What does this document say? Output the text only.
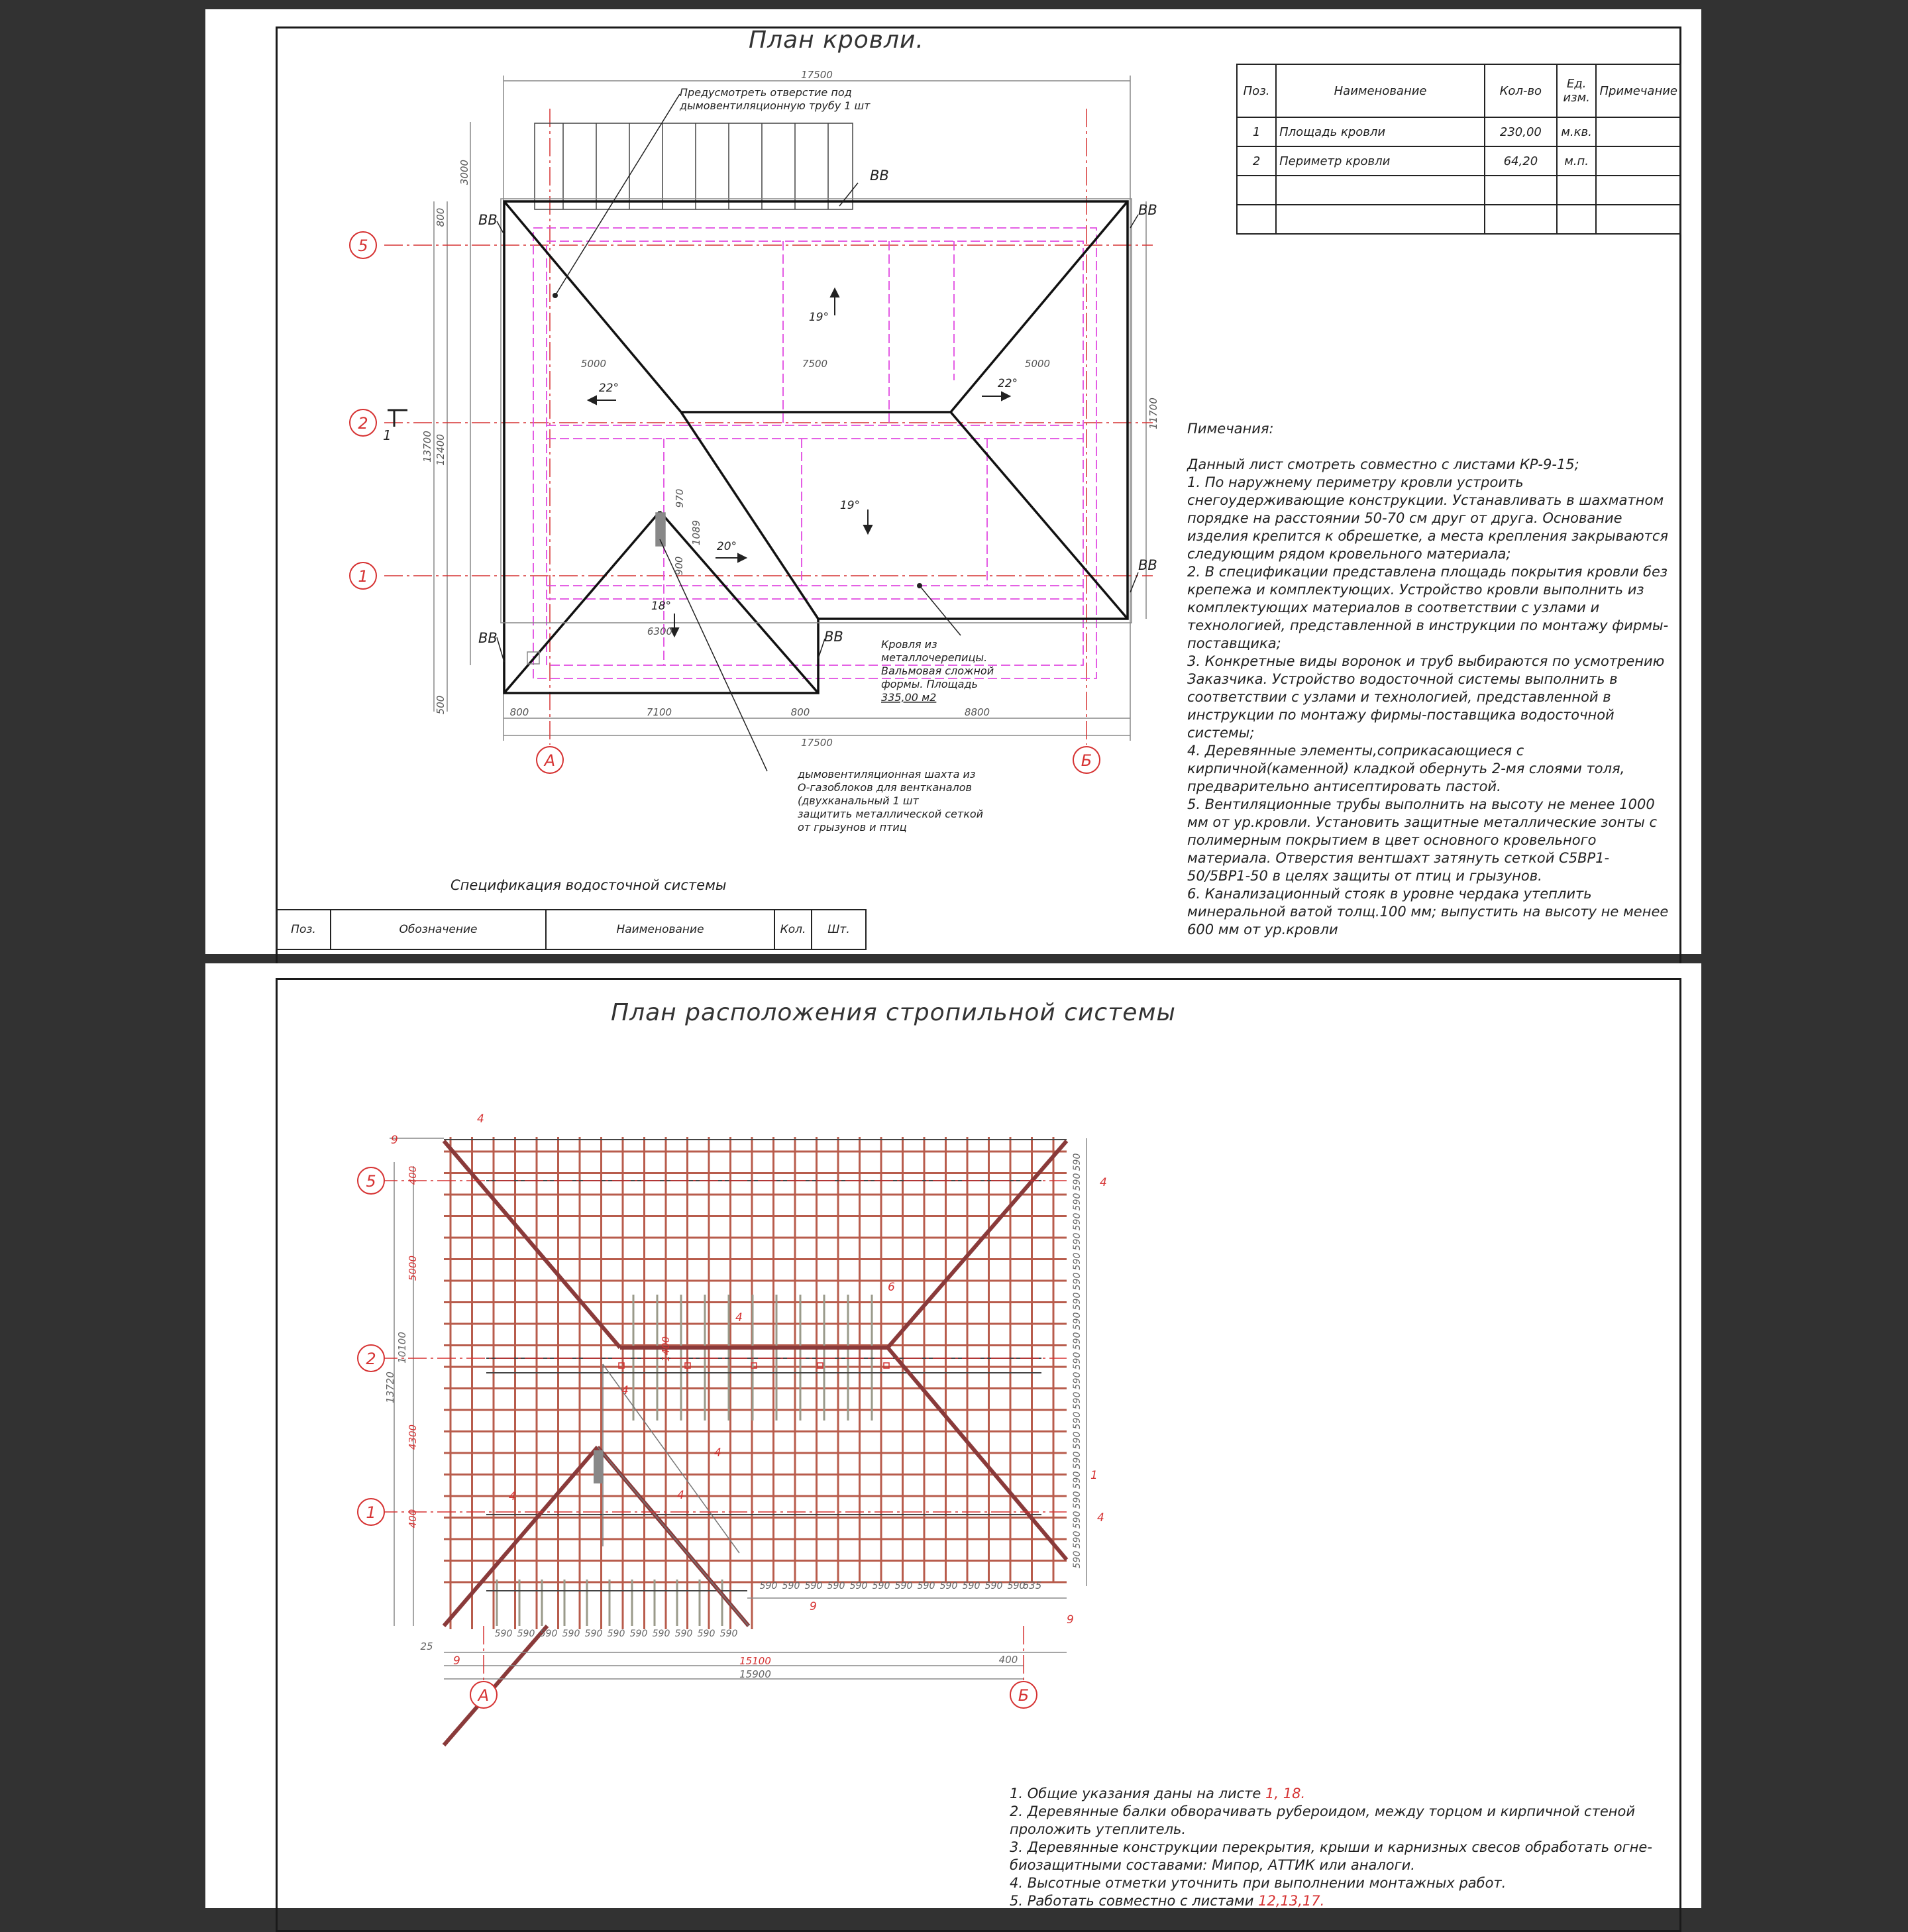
План кровли.
5
2
1
А	Б
1
17500
17500
800	7100	800	8800
5000	7500	5000
6300
3000
800
13700 12400
500
11700
970
1089
900
19°
22°	22°
19°
20°
18°
ВВ
ВВ
ВВ
ВВ
ВВ	ВВ	Кровля из
металлочерепицы.
Вальмовая сложной
формы. Площадь
335,00 м2
дымовентиляционная шахта из
О-газоблоков для вентканалов
(двухканальный 1 шт
защитить металлической сеткой
от грызунов и птиц
Предусмотреть отверстие под дымовентиляционную трубу 1 шт
Поз.	Наименование	Кол-во	Ед. изм.	Примечание
1	Площадь кровли	230,00	м.кв.	
2	Периметр кровли	64,20	м.п.	

Пимечания:

Данный лист смотреть совместно с листами КР-9-15;

1. По наружнему периметру кровли устроить снегоудерживающие конструкции. Устанавливать в шахматном порядке на расстоянии 50-70 см друг от друга. Основание изделия крепится к обрешетке, а места крепления закрываются следующим рядом кровельного материала;

2. В спецификации представлена площадь покрытия кровли без крепежа и комплектующих. Устройство кровли выполнить из комплектующих материалов в соответствии с узлами и технологией, представленной в инструкции по монтажу фирмы-поставщика;

3. Конкретные виды воронок и труб выбираются по усмотрению Заказчика. Устройство водосточной системы выполнить в соответствии с узлами и технологией, представленной в инструкции по монтажу фирмы-поставщика водосточной системы;

4. Деревянные элементы,соприкасающиеся с кирпичной(каменной) кладкой обернуть 2-мя слоями толя, предварительно антисептировать пастой.

5. Вентиляционные трубы выполнить на высоту не менее 1000 мм от ур.кровли. Установить защитные металлические зонты с полимерным покрытием в цвет основного кровельного материала. Отверстия вентшахт затянуть сеткой С5ВР1-50/5ВР1-50 в целях защиты от птиц и грызунов.

6. Канализационный стояк в уровне чердака утеплить минеральной ватой толщ.100 мм; выпустить на высоту не менее 600 мм от ур.кровли

Спецификация водосточной системы
Поз.	Обозначение	Наименование	Кол.	Шт.
План расположения стропильной системы
5
2
1
А	Б
400
5000
4300
400
1400
15100
13720
10100
15900
400
25
635
590 590 590 590 590 590 590 590 590 590 590
590 590 590 590 590 590 590 590 590 590 590 590
590
590
590
590
590
590
590
590
590
590
590
590
590
590
590
590
590
590
590
590
590
4
4
4
4
4
4	4
4
6
1
9
9
9
9

1. Общие указания даны на листе 1, 18.

2. Деревянные балки обворачивать рубероидом, между торцом и кирпичной стеной проложить утеплитель.

3. Деревянные конструкции перекрытия, крыши и карнизных свесов обработать огне-биозащитными составами: Мипор, АТТИК или аналоги.

4. Высотные отметки уточнить при выполнении монтажных работ.

5. Работать совместно с листами 12,13,17.
